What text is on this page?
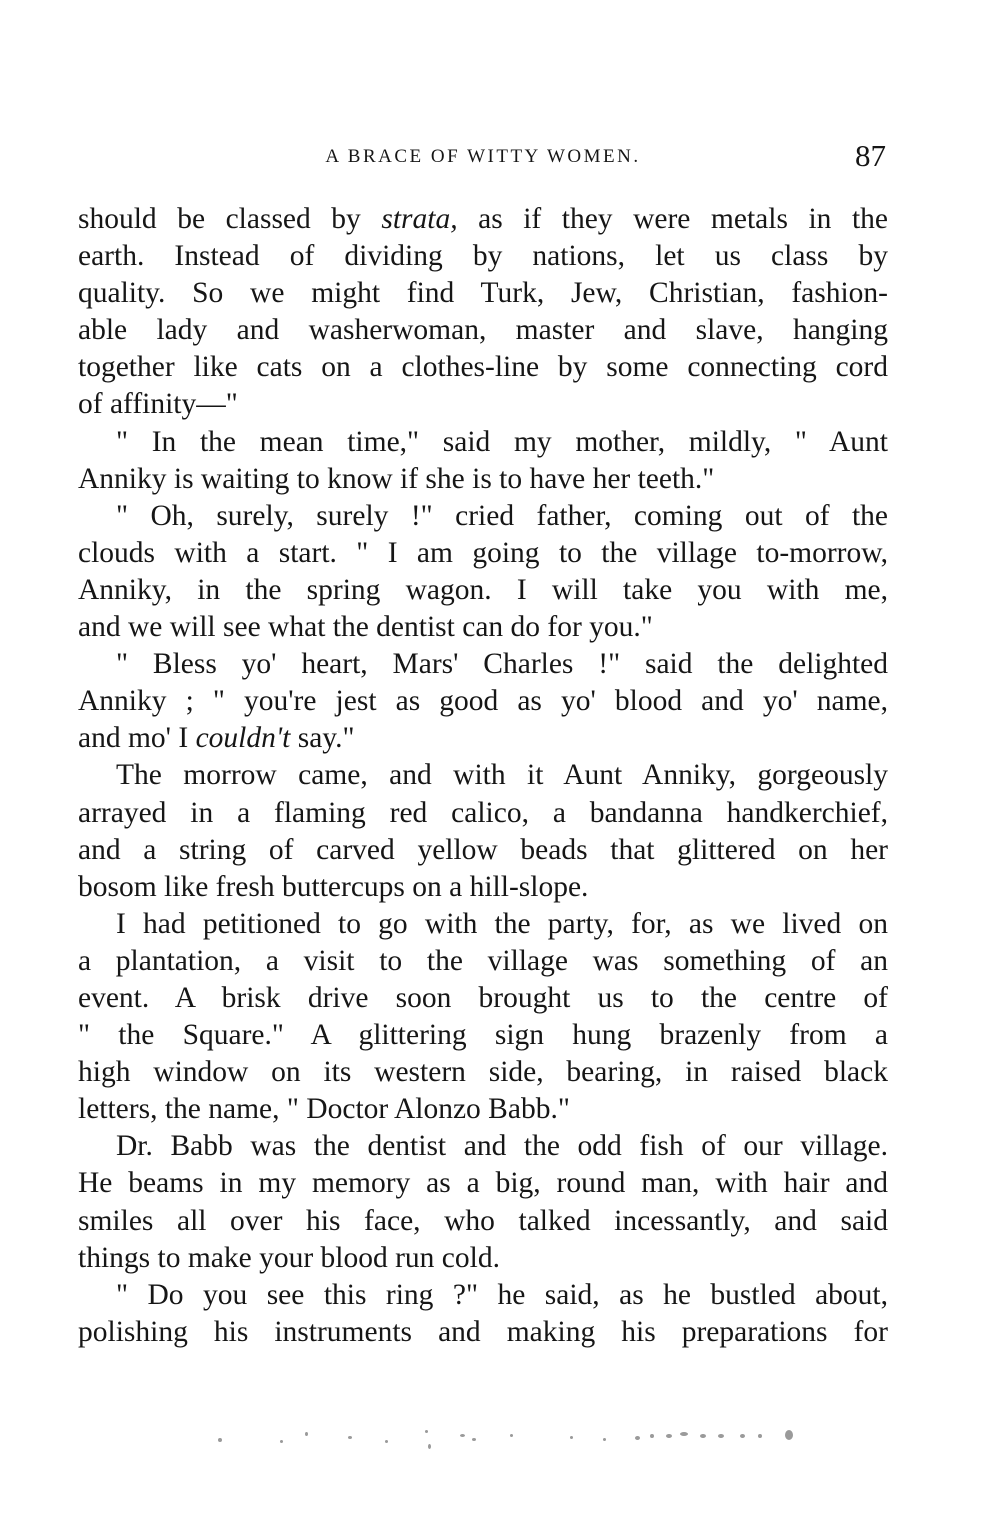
A BRACE OF WITTY WOMEN.	87
should be classed by strata, as if they were metals in the
earth. Instead of dividing by nations, let us class by
quality. So we might find Turk, Jew, Christian, fashion-
able lady and washerwoman, master and slave, hanging
together like cats on a clothes-line by some connecting cord
of affinity—"
" In the mean time," said my mother, mildly, " Aunt
Anniky is waiting to know if she is to have her teeth."
" Oh, surely, surely !" cried father, coming out of the
clouds with a start. " I am going to the village to-morrow,
Anniky, in the spring wagon. I will take you with me,
and we will see what the dentist can do for you."
" Bless yo' heart, Mars' Charles !" said the delighted
Anniky ; " you're jest as good as yo' blood and yo' name,
and mo' I couldn't say."
The morrow came, and with it Aunt Anniky, gorgeously
arrayed in a flaming red calico, a bandanna handkerchief,
and a string of carved yellow beads that glittered on her
bosom like fresh buttercups on a hill-slope.
I had petitioned to go with the party, for, as we lived on
a plantation, a visit to the village was something of an
event. A brisk drive soon brought us to the centre of
" the Square." A glittering sign hung brazenly from a
high window on its western side, bearing, in raised black
letters, the name, " Doctor Alonzo Babb."
Dr. Babb was the dentist and the odd fish of our village.
He beams in my memory as a big, round man, with hair and
smiles all over his face, who talked incessantly, and said
things to make your blood run cold.
" Do you see this ring ?" he said, as he bustled about,
polishing his instruments and making his preparations for
